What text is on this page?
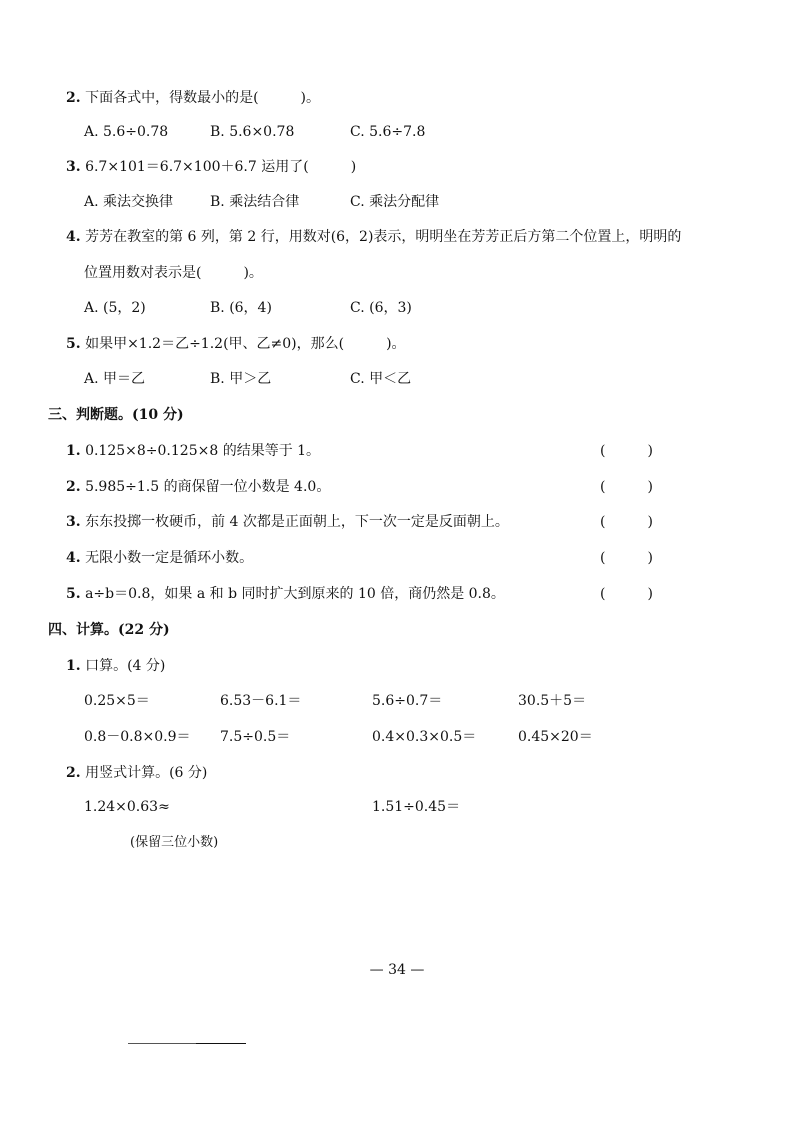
2. 下面各式中，得数最小的是(　　　)。
A. 5.6÷0.78	B. 5.6×0.78	C. 5.6÷7.8
3. 6.7×101＝6.7×100＋6.7 运用了(　　　)
A. 乘法交换律	B. 乘法结合律	C. 乘法分配律
4. 芳芳在教室的第 6 列，第 2 行，用数对(6，2)表示，明明坐在芳芳正后方第二个位置上，明明的
位置用数对表示是(　　　)。
A. (5，2)	B. (6，4)	C. (6，3)
5. 如果甲×1.2＝乙÷1.2(甲、乙≠0)，那么(　　　)。
A. 甲＝乙	B. 甲＞乙	C. 甲＜乙
三、判断题。(10 分)
1. 0.125×8÷0.125×8 的结果等于 1。	(　　　)
2. 5.985÷1.5 的商保留一位小数是 4.0。	(　　　)
3. 东东投掷一枚硬币，前 4 次都是正面朝上，下一次一定是反面朝上。	(　　　)
4. 无限小数一定是循环小数。	(　　　)
5. a÷b＝0.8，如果 a 和 b 同时扩大到原来的 10 倍，商仍然是 0.8。	(　　　)
四、计算。(22 分)
1. 口算。(4 分)
0.25×5＝	6.53－6.1＝	5.6÷0.7＝	30.5＋5＝
0.8－0.8×0.9＝ 7.5÷0.5＝	0.4×0.3×0.5＝	0.45×20＝
2. 用竖式计算。(6 分)
1.24×0.63≈	1.51÷0.45＝
(保留三位小数)
— 34 —
